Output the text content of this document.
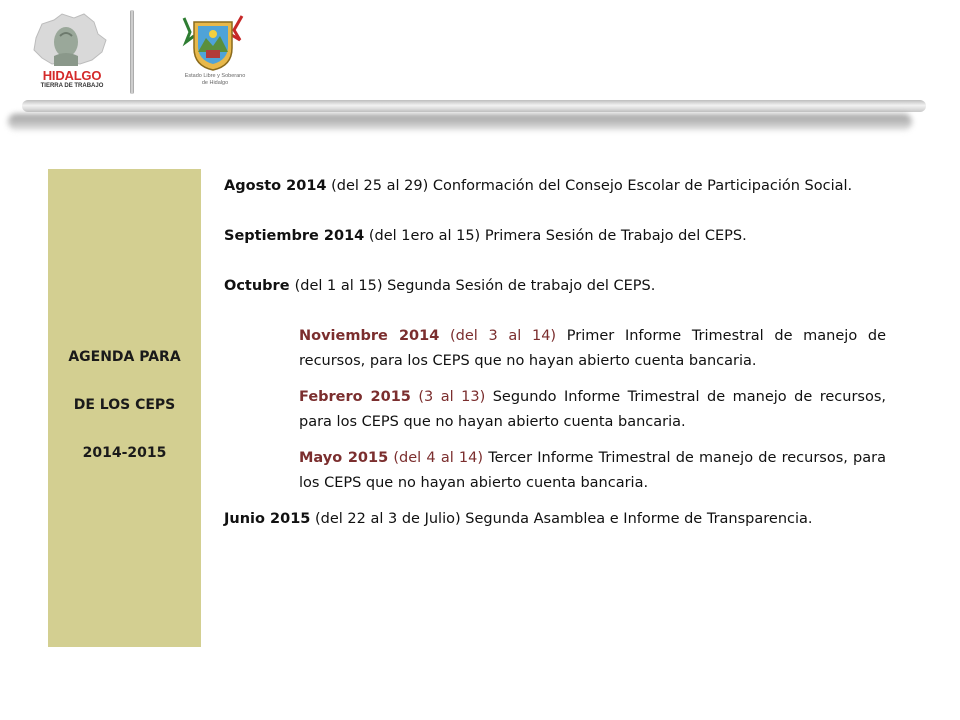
HIDALGO
TIERRA DE TRABAJO
Estado Libre y Soberano
de Hidalgo
AGENDA PARA
DE LOS CEPS
2014-2015

Agosto 2014 (del 25 al 29) Conformación del Consejo Escolar de Participación Social.

Septiembre 2014 (del 1ero al 15) Primera Sesión de Trabajo del CEPS.

Octubre (del 1 al 15) Segunda Sesión de trabajo del CEPS.

Noviembre 2014 (del 3 al 14) Primer Informe Trimestral de manejo de recursos, para los CEPS que no hayan abierto cuenta bancaria.

Febrero 2015 (3 al 13) Segundo Informe Trimestral de manejo de recursos, para los CEPS que no hayan abierto cuenta bancaria.

Mayo 2015 (del 4 al 14) Tercer Informe Trimestral de manejo de recursos, para los CEPS que no hayan abierto cuenta bancaria.

Junio 2015 (del 22 al 3 de Julio) Segunda Asamblea e Informe de Transparencia.
